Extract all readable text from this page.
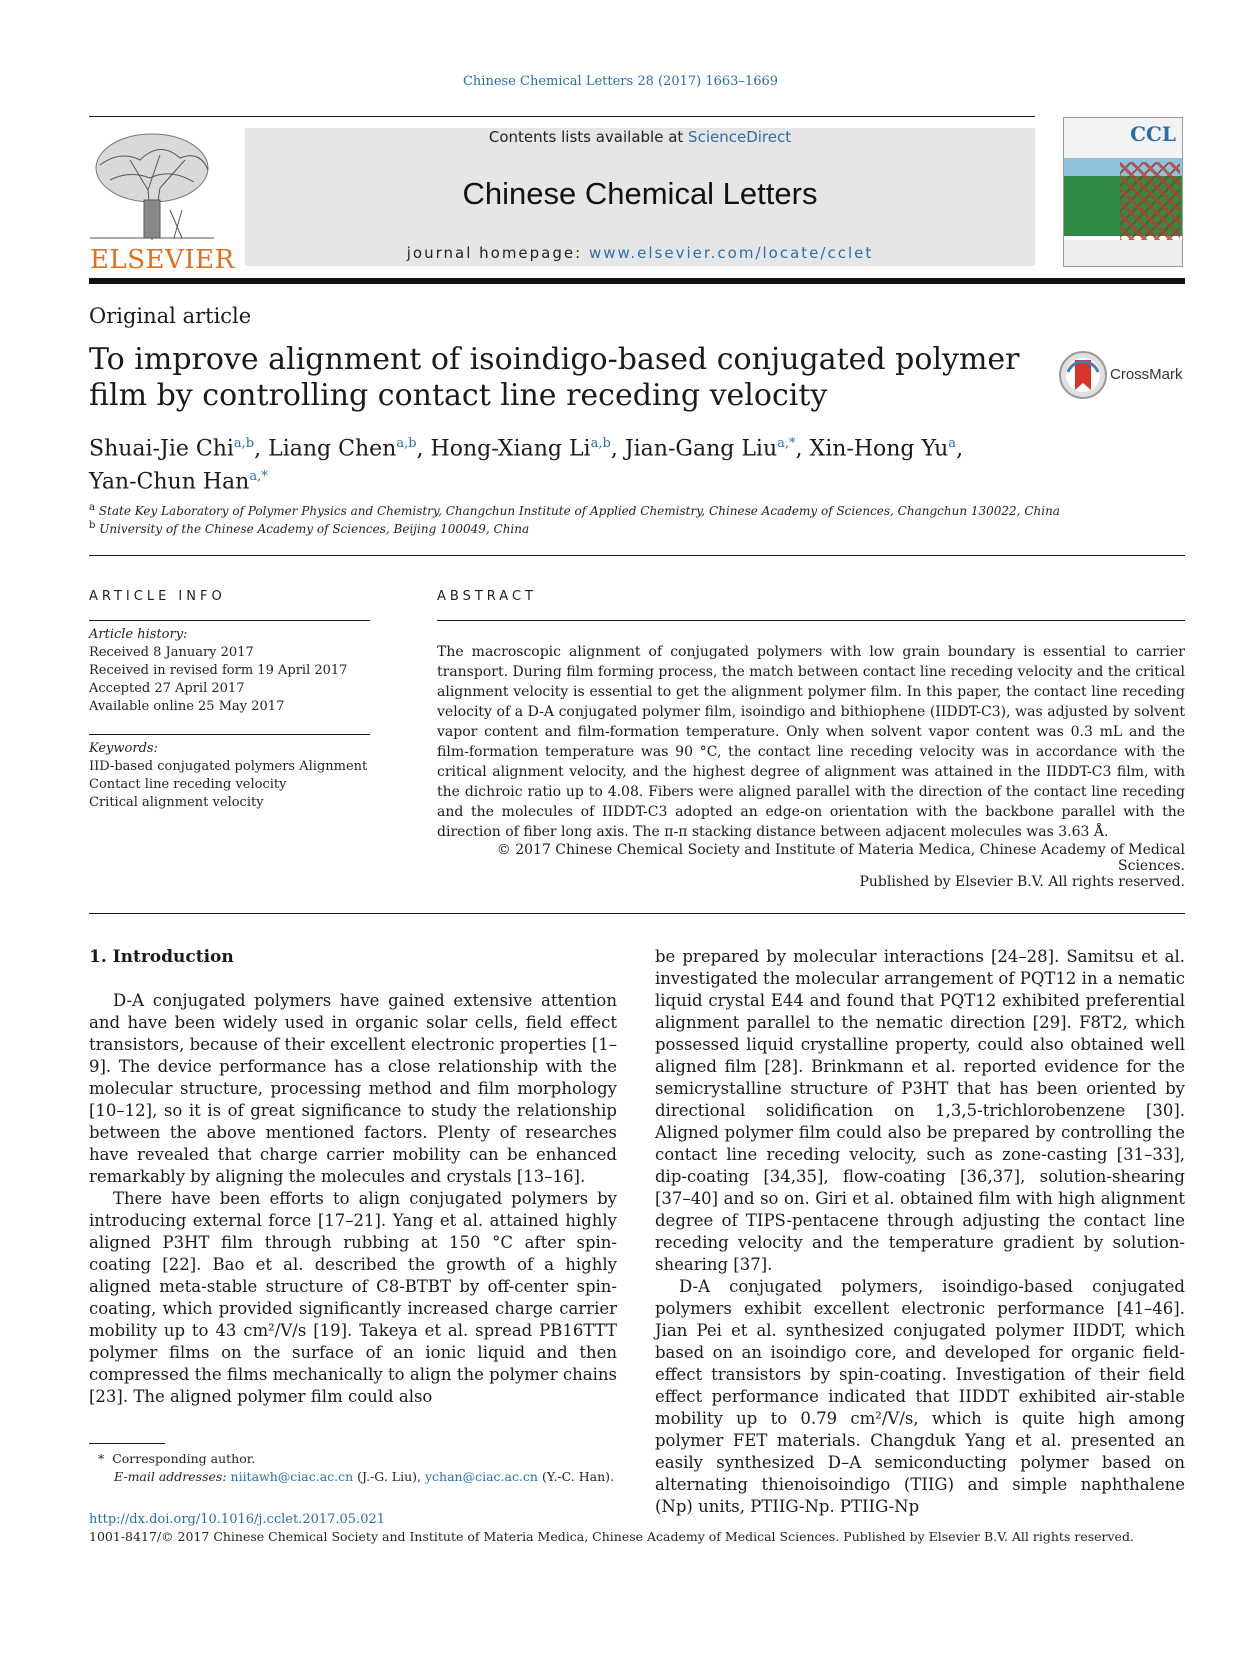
Chinese Chemical Letters 28 (2017) 1663–1669
ELSEVIER
Contents lists available at ScienceDirect
Chinese Chemical Letters
journal homepage: www.elsevier.com/locate/cclet
CCL
Original article
To improve alignment of isoindigo-based conjugated polymer film by controlling contact line receding velocity
CrossMark
Shuai-Jie Chi$^{a,b}$, Liang Chen$^{a,b}$, Hong-Xiang Li$^{a,b}$, Jian-Gang Liu$^{a,*}$, Xin-Hong Yu$^a$,
Yan-Chun Han$^{a,*}$
$^a$ State Key Laboratory of Polymer Physics and Chemistry, Changchun Institute of Applied Chemistry, Chinese Academy of Sciences, Changchun 130022, China
$^b$ University of the Chinese Academy of Sciences, Beijing 100049, China
ARTICLE INFO
Article history:
Received 8 January 2017
Received in revised form 19 April 2017
Accepted 27 April 2017
Available online 25 May 2017
Keywords:
IID-based conjugated polymers Alignment
Contact line receding velocity
Critical alignment velocity
ABSTRACT
The macroscopic alignment of conjugated polymers with low grain boundary is essential to carrier transport. During film forming process, the match between contact line receding velocity and the critical alignment velocity is essential to get the alignment polymer film. In this paper, the contact line receding velocity of a D-A conjugated polymer film, isoindigo and bithiophene (IIDDT-C3), was adjusted by solvent vapor content and film-formation temperature. Only when solvent vapor content was 0.3 mL and the film-formation temperature was 90 °C, the contact line receding velocity was in accordance with the critical alignment velocity, and the highest degree of alignment was attained in the IIDDT-C3 film, with the dichroic ratio up to 4.08. Fibers were aligned parallel with the direction of the contact line receding and the molecules of IIDDT-C3 adopted an edge-on orientation with the backbone parallel with the direction of fiber long axis. The π-π stacking distance between adjacent molecules was 3.63 Å.
© 2017 Chinese Chemical Society and Institute of Materia Medica, Chinese Academy of Medical Sciences.
Published by Elsevier B.V. All rights reserved.
1. Introduction

D-A conjugated polymers have gained extensive attention and have been widely used in organic solar cells, field effect transistors, because of their excellent electronic properties [1–9]. The device performance has a close relationship with the molecular structure, processing method and film morphology [10–12], so it is of great significance to study the relationship between the above mentioned factors. Plenty of researches have revealed that charge carrier mobility can be enhanced remarkably by aligning the molecules and crystals [13–16].

There have been efforts to align conjugated polymers by introducing external force [17–21]. Yang et al. attained highly aligned P3HT film through rubbing at 150 °C after spin-coating [22]. Bao et al. described the growth of a highly aligned meta-stable structure of C8-BTBT by off-center spin-coating, which provided significantly increased charge carrier mobility up to 43 cm²/V/s [19]. Takeya et al. spread PB16TTT polymer films on the surface of an ionic liquid and then compressed the films mechanically to align the polymer chains [23]. The aligned polymer film could also

be prepared by molecular interactions [24–28]. Samitsu et al. investigated the molecular arrangement of PQT12 in a nematic liquid crystal E44 and found that PQT12 exhibited preferential alignment parallel to the nematic direction [29]. F8T2, which possessed liquid crystalline property, could also obtained well aligned film [28]. Brinkmann et al. reported evidence for the semicrystalline structure of P3HT that has been oriented by directional solidification on 1,3,5-trichlorobenzene [30]. Aligned polymer film could also be prepared by controlling the contact line receding velocity, such as zone-casting [31–33], dip-coating [34,35], flow-coating [36,37], solution-shearing [37–40] and so on. Giri et al. obtained film with high alignment degree of TIPS-pentacene through adjusting the contact line receding velocity and the temperature gradient by solution-shearing [37].

D-A conjugated polymers, isoindigo-based conjugated polymers exhibit excellent electronic performance [41–46]. Jian Pei et al. synthesized conjugated polymer IIDDT, which based on an isoindigo core, and developed for organic field-effect transistors by spin-coating. Investigation of their field effect performance indicated that IIDDT exhibited air-stable mobility up to 0.79 cm²/V/s, which is quite high among polymer FET materials. Changduk Yang et al. presented an easily synthesized D–A semiconducting polymer based on alternating thienoisoindigo (TIIG) and simple naphthalene (Np) units, PTIIG-Np. PTIIG-Np

* Corresponding author.
E-mail addresses: niitawh@ciac.ac.cn (J.-G. Liu), ychan@ciac.ac.cn (Y.-C. Han).
http://dx.doi.org/10.1016/j.cclet.2017.05.021
1001-8417/© 2017 Chinese Chemical Society and Institute of Materia Medica, Chinese Academy of Medical Sciences. Published by Elsevier B.V. All rights reserved.
